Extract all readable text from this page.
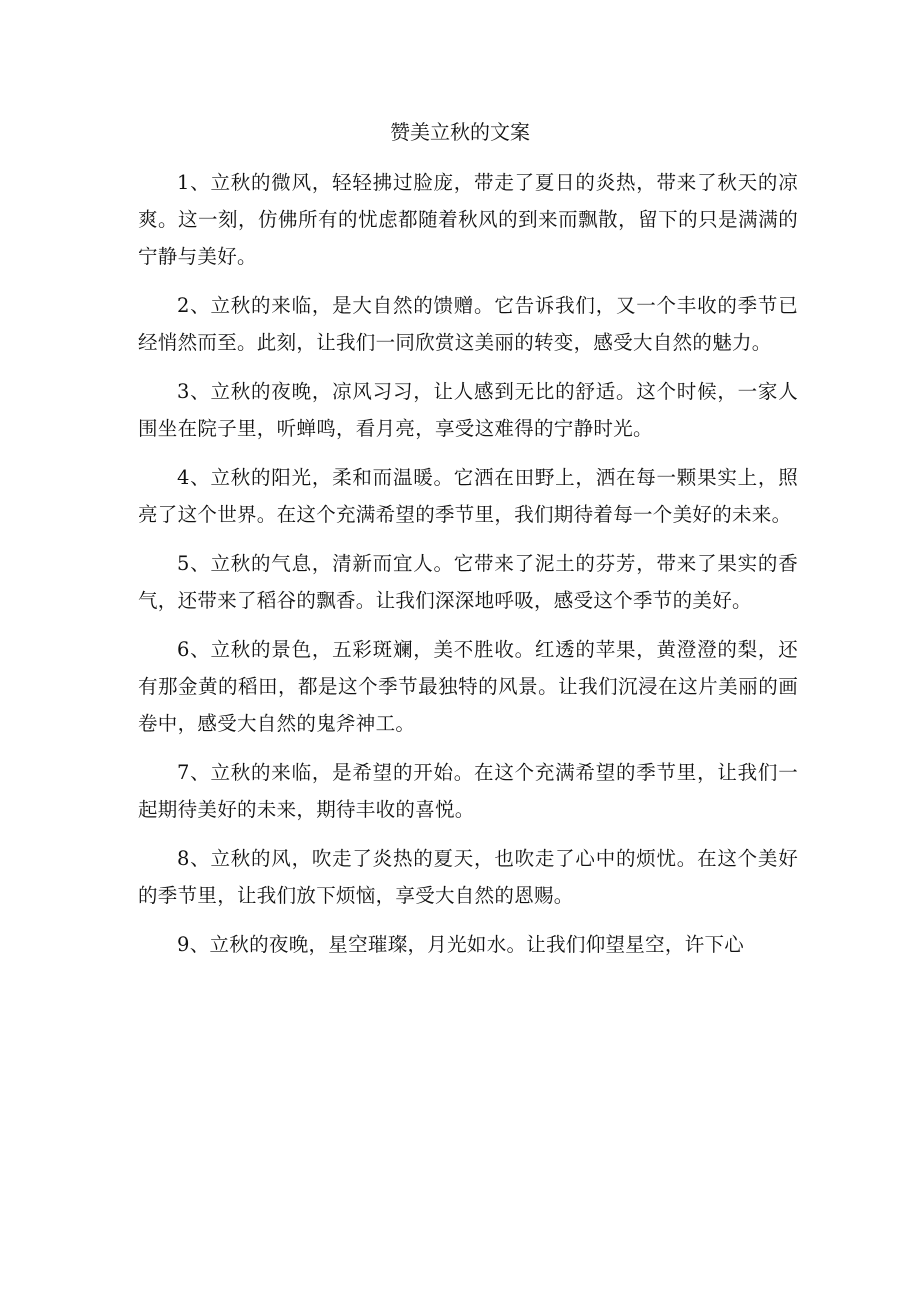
赞美立秋的文案

1、立秋的微风，轻轻拂过脸庞，带走了夏日的炎热，带来了秋天的凉爽。这一刻，仿佛所有的忧虑都随着秋风的到来而飘散，留下的只是满满的宁静与美好。

2、立秋的来临，是大自然的馈赠。它告诉我们，又一个丰收的季节已经悄然而至。此刻，让我们一同欣赏这美丽的转变，感受大自然的魅力。

3、立秋的夜晚，凉风习习，让人感到无比的舒适。这个时候，一家人围坐在院子里，听蝉鸣，看月亮，享受这难得的宁静时光。

4、立秋的阳光，柔和而温暖。它洒在田野上，洒在每一颗果实上，照亮了这个世界。在这个充满希望的季节里，我们期待着每一个美好的未来。

5、立秋的气息，清新而宜人。它带来了泥土的芬芳，带来了果实的香气，还带来了稻谷的飘香。让我们深深地呼吸，感受这个季节的美好。

6、立秋的景色，五彩斑斓，美不胜收。红透的苹果，黄澄澄的梨，还有那金黄的稻田，都是这个季节最独特的风景。让我们沉浸在这片美丽的画卷中，感受大自然的鬼斧神工。

7、立秋的来临，是希望的开始。在这个充满希望的季节里，让我们一起期待美好的未来，期待丰收的喜悦。

8、立秋的风，吹走了炎热的夏天，也吹走了心中的烦忧。在这个美好的季节里，让我们放下烦恼，享受大自然的恩赐。

9、立秋的夜晚，星空璀璨，月光如水。让我们仰望星空，许下心
